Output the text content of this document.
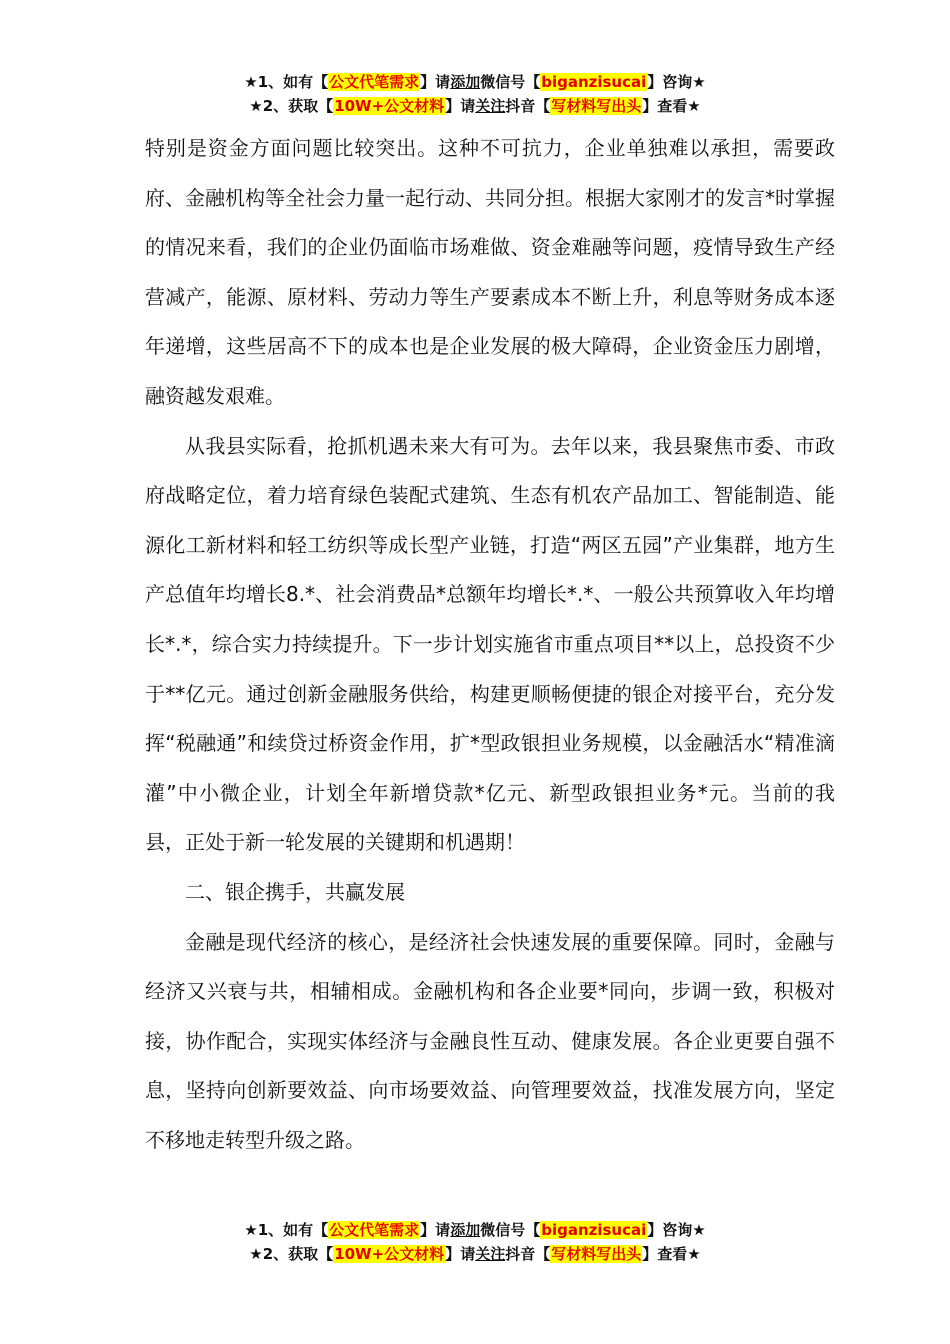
★1、如有【公文代笔需求】请添加微信号【biganzisucai】咨询★
★2、获取【10W+公文材料】请关注抖音【写材料写出头】查看★

特别是资金方面问题比较突出。这种不可抗力，企业单独难以承担，需要政府、金融机构等全社会力量一起行动、共同分担。根据大家刚才的发言*时掌握的情况来看，我们的企业仍面临市场难做、资金难融等问题，疫情导致生产经营减产，能源、原材料、劳动力等生产要素成本不断上升，利息等财务成本逐年递增，这些居高不下的成本也是企业发展的极大障碍，企业资金压力剧增，融资越发艰难。

从我县实际看，抢抓机遇未来大有可为。去年以来，我县聚焦市委、市政府战略定位，着力培育绿色装配式建筑、生态有机农产品加工、智能制造、能源化工新材料和轻工纺织等成长型产业链，打造“两区五园”产业集群，地方生产总值年均增长8.*、社会消费品*总额年均增长*.*、一般公共预算收入年均增长*.*，综合实力持续提升。下一步计划实施省市重点项目**以上，总投资不少于**亿元。通过创新金融服务供给，构建更顺畅便捷的银企对接平台，充分发挥“税融通”和续贷过桥资金作用，扩*型政银担业务规模，以金融活水“精准滴灌”中小微企业，计划全年新增贷款*亿元、新型政银担业务*元。当前的我县，正处于新一轮发展的关键期和机遇期！

二、银企携手，共赢发展

金融是现代经济的核心，是经济社会快速发展的重要保障。同时，金融与经济又兴衰与共，相辅相成。金融机构和各企业要*同向，步调一致，积极对接，协作配合，实现实体经济与金融良性互动、健康发展。各企业更要自强不息，坚持向创新要效益、向市场要效益、向管理要效益，找准发展方向，坚定不移地走转型升级之路。

★1、如有【公文代笔需求】请添加微信号【biganzisucai】咨询★
★2、获取【10W+公文材料】请关注抖音【写材料写出头】查看★
